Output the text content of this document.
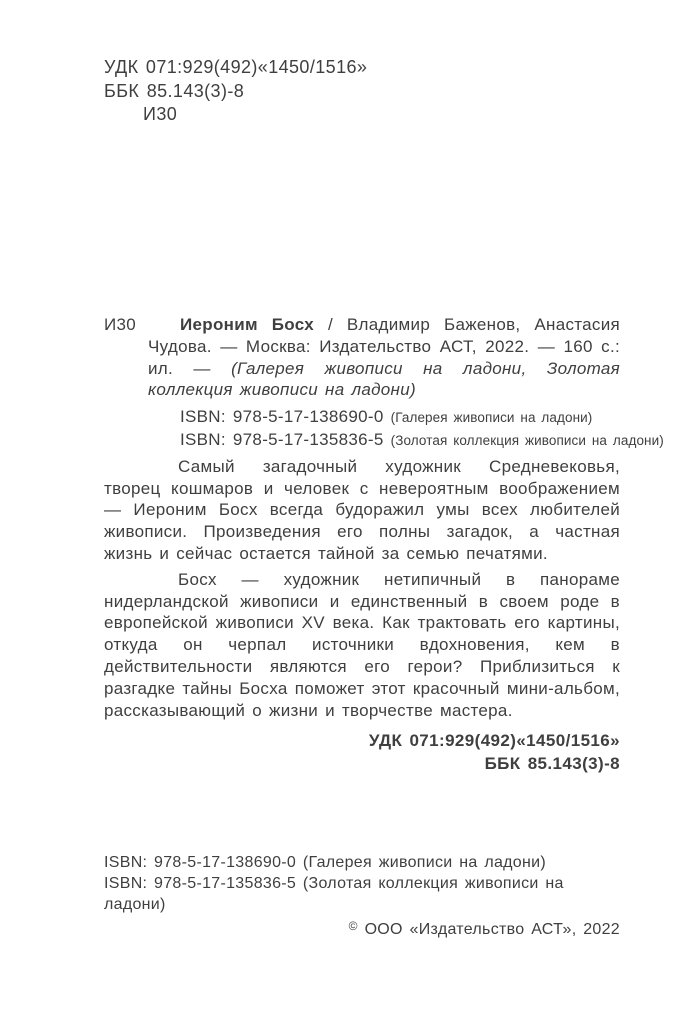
УДК 071:929(492)«1450/1516»
ББК 85.143(3)-8
И30
И30	Иероним Босх / Владимир Баженов, Анастасия Чудова. — Москва: Издательство АСТ, 2022. — 160 с.: ил. — (Галерея живописи на ладони, Золотая коллекция живописи на ладони)

ISBN: 978-5-17-138690-0 (Галерея живописи на ладони)
ISBN: 978-5-17-135836-5 (Золотая коллекция живописи на ладони)

Самый загадочный художник Средневековья, творец кошмаров и человек с невероятным воображением — Иероним Босх всегда будоражил умы всех любителей живописи. Произведения его полны загадок, а частная жизнь и сейчас остается тайной за семью печатями.

Босх — художник нетипичный в панораме нидерландской живописи и единственный в своем роде в европейской живописи XV века. Как трактовать его картины, откуда он черпал источники вдохновения, кем в действительности являются его герои? Приблизиться к разгадке тайны Босха поможет этот красочный мини-альбом, рассказывающий о жизни и творчестве мастера.

УДК 071:929(492)«1450/1516»
ББК 85.143(3)-8
ISBN: 978-5-17-138690-0 (Галерея живописи на ладони)
ISBN: 978-5-17-135836-5 (Золотая коллекция живописи на ладони)
© ООО «Издательство АСТ», 2022
